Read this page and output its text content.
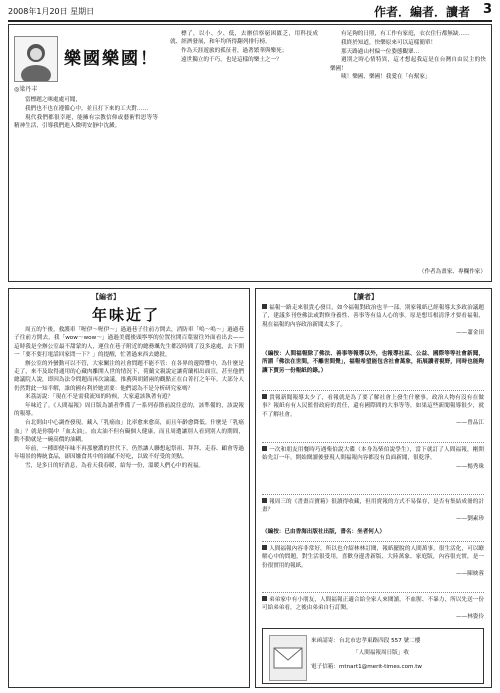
2008年1月20日 星期日	作者．編者．讀者 3
樂國樂國！
◎梁丹丰

當標題之咪處處可聞，

我們也不也在遵循心中，並且打下來的工夫對……

現代我們都很幸運，能擁有宗教信仰或藝術哲思等等精神生活，引導我們進入微明安靜中沈澱。

標了，以小、少、低，去辦信察窮困匱乏，用科技成就、經濟發展，和年均所得翻列排行榜。

作為天涯遊旅的孤征者，過著繁華與樂死；

遠世獨立的千巧，也是這樣的樂土之一？

有足夠的日照，有工作有家庭，衣衣住行都無缺……

我終於知道，快樂原來可以這樣簡單！

那天路過山村偏一位姿態觀眾…

週別之時心情特異，這才想起我這是在台灣自由民主的快樂國！

咦！樂國、樂國！我愛在「有幫家」

（作者為畫家、專欄作家）
【編者】
年味近了

周五的午後，救護車「喔伊～喔伊～」過過巷子往前方開去，消防車「嗚～嗚～」過過巷子往前方開去，我「wow～wow～」過過美麗後頭寧寧的位置拉開百葉窗往外面看出去——這時我是全辦公室最不甜蒙的人，運住在巷子附近的總務颯先生都沒時間了沒多遠處，去下開一「要不要打電話回家問一下？」的提醒，忙著過來西去總批。

辦公室的外蠻動可以不管，大家關注的社會問題不能不管：在各界的邊際響中，為什麼是走了，來不及取得通用的心藏肉離開人世的情況下，荷蘭文親說定讓荷蘭相出面宣，甚至他們總議院人說，即因為法令問題而再次論議，推薦與胡錯兩的觀點正在白菁打之年年。大部分人仍然對此一知半解，誰的國有利於她需要：他們認為不是分析研究家嗎？

米荔訪說：「現在不是需我流知的時候，大家還該執著有遊？

年味近了。《人間福報》周日版為讀者準備了一系列春節前說往意的，該準備的，該說報的報導。

台北則由中心調查發現，藏入「乳癌血」比率愈來愈高，而且年齡愈降低。什麼是「乳癌血」？就是你腸中「血太油」。血太油不但有礙個人健康，而且周遭讓別人看到別人的期間，動不動就是一碗高價的油糊。

年前，一種即便年味不再那麼濃的世代下，仍然讓人聯想起祭祖、拜拜、走春、顧會等過年場景的傳統食品，卻因嫌食其中的油膩不好吃，以致不好受的美點。

雪，是多日的好消息，為看天我春暖，給每一份，溫暖人們心中的祝福。

【讀者】

福報一路走來很貴心發目，如今福報對政治也羊一部，別家報紙已經報導太多政治議題了，建議多刊登佛法或對修身養性、善事等有益人心的事。原是想耳根清淨才要看福報，現在福報的內容政治新聞太多了。

——蕭金田

（編按：人間福報除了佛法、善事等報導以外，也報導社區、公益、國際等等社會新聞，所謂「佛法在世間，不離世間覺」，福報希望能包含社會萬象，拓展讀者視野，同時也能夠讓下賈另一份報紙的錄。）

貴報新聞報導太少了，看報就是為了要了解社會上發生什麼事，政治人物有沒有在做事？報紙有有人民監督政府的責任，還有國際間的大事等等，如果這些新聞報導很少，就不了解社會。

——曾品江

一次和朋友用餐時巧遇柴伯說大碟（本身為柴伯說學生），當下就訂了人間福報，剛開始先訂一年。開始閱讀後發現人間福報內容都沒有負面新聞，很乾淨。

——楊秀珠

報周三的《書畫百寶箱》很讀得收藏，但用賣報的方式不易保存，是否有集結成冊的計畫？

——劉素珍

（編按：已由香海出版社出版，書名：坐者何人）

人間福報內容非常好，所以也介紹林林訂閱，報紙擺脫的人間萬事，很生活化，可以瞭解心中的問題，對生活很受用，喜歡身邊書新版、大陸萬象、家庭版，內容很充實，是一份很實用的報紙。

——陳映蓉

弟弟家中有小朋友，人間福報正適合給全家人來閱讀，不血腥、不暴力，所以先送一份可給弟弟看，之後由弟弟自行訂閱。

——林姿伶

來函請寄：台北市忠孝東路四段 557 號二樓
「人間福報周日版」收
電子信箱：mtnart1@merit-times.com.tw
